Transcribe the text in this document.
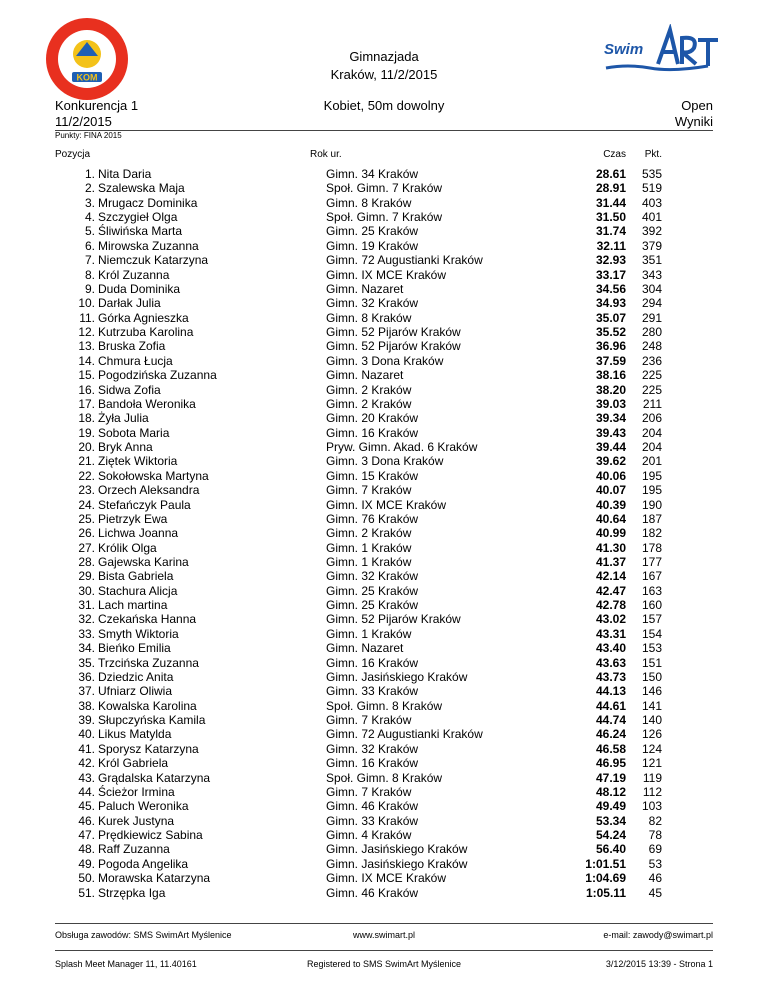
KOM
Swim
Gimnazjada
Kraków, 11/2/2015
Konkurencja 1
11/2/2015
Kobiet, 50m dowolny	Open
Wyniki
Punkty: FINA 2015
Pozycja	Rok ur.	Czas Pkt.
1. Nita Daria	Gimn. 34 Kraków	28.61 535
2. Szalewska Maja	Społ. Gimn. 7 Kraków	28.91 519
3. Mrugacz Dominika	Gimn. 8 Kraków	31.44 403
4. Szczygieł Olga	Społ. Gimn. 7 Kraków	31.50 401
5. Śliwińska Marta	Gimn. 25 Kraków	31.74 392
6. Mirowska Zuzanna	Gimn. 19 Kraków	32.11 379
7. Niemczuk Katarzyna	Gimn. 72 Augustianki Kraków	32.93 351
8. Król Zuzanna	Gimn. IX MCE Kraków	33.17 343
9. Duda Dominika	Gimn. Nazaret	34.56 304
10. Darłak Julia	Gimn. 32 Kraków	34.93 294
11. Górka Agnieszka	Gimn. 8 Kraków	35.07 291
12. Kutrzuba Karolina	Gimn. 52 Pijarów Kraków	35.52 280
13. Bruska Zofia	Gimn. 52 Pijarów Kraków	36.96 248
14. Chmura Łucja	Gimn. 3 Dona Kraków	37.59 236
15. Pogodzińska Zuzanna	Gimn. Nazaret	38.16 225
16. Sidwa Zofia	Gimn. 2 Kraków	38.20 225
17. Bandoła Weronika	Gimn. 2 Kraków	39.03 211
18. Żyła Julia	Gimn. 20 Kraków	39.34 206
19. Sobota Maria	Gimn. 16 Kraków	39.43 204
20. Bryk Anna	Pryw. Gimn. Akad. 6 Kraków	39.44 204
21. Ziętek Wiktoria	Gimn. 3 Dona Kraków	39.62 201
22. Sokołowska Martyna	Gimn. 15 Kraków	40.06 195
23. Orzech Aleksandra	Gimn. 7 Kraków	40.07 195
24. Stefańczyk Paula	Gimn. IX MCE Kraków	40.39 190
25. Pietrzyk Ewa	Gimn. 76 Kraków	40.64 187
26. Lichwa Joanna	Gimn. 2 Kraków	40.99 182
27. Królik Olga	Gimn. 1 Kraków	41.30 178
28. Gajewska Karina	Gimn. 1 Kraków	41.37 177
29. Bista Gabriela	Gimn. 32 Kraków	42.14 167
30. Stachura Alicja	Gimn. 25 Kraków	42.47 163
31. Lach martina	Gimn. 25 Kraków	42.78 160
32. Czekańska Hanna	Gimn. 52 Pijarów Kraków	43.02 157
33. Smyth Wiktoria	Gimn. 1 Kraków	43.31 154
34. Bieńko Emilia	Gimn. Nazaret	43.40 153
35. Trzcińska Zuzanna	Gimn. 16 Kraków	43.63 151
36. Dziedzic Anita	Gimn. Jasińskiego Kraków	43.73 150
37. Ufniarz Oliwia	Gimn. 33 Kraków	44.13 146
38. Kowalska Karolina	Społ. Gimn. 8 Kraków	44.61 141
39. Słupczyńska Kamila	Gimn. 7 Kraków	44.74 140
40. Likus Matylda	Gimn. 72 Augustianki Kraków	46.24 126
41. Sporysz Katarzyna	Gimn. 32 Kraków	46.58 124
42. Król Gabriela	Gimn. 16 Kraków	46.95 121
43. Grądalska Katarzyna	Społ. Gimn. 8 Kraków	47.19 119
44. Ścieżor Irmina	Gimn. 7 Kraków	48.12 112
45. Paluch Weronika	Gimn. 46 Kraków	49.49 103
46. Kurek Justyna	Gimn. 33 Kraków	53.34 82
47. Prędkiewicz Sabina	Gimn. 4 Kraków	54.24 78
48. Raff Zuzanna	Gimn. Jasińskiego Kraków	56.40 69
49. Pogoda Angelika	Gimn. Jasińskiego Kraków	1:01.51 53
50. Morawska Katarzyna	Gimn. IX MCE Kraków	1:04.69 46
51. Strzępka Iga	Gimn. 46 Kraków	1:05.11 45
Obsługa zawodów: SMS SwimArt Myślenice	www.swimart.pl	e-mail: zawody@swimart.pl
Splash Meet Manager 11, 11.40161	Registered to SMS SwimArt Myślenice	3/12/2015 13:39 - Strona 1
